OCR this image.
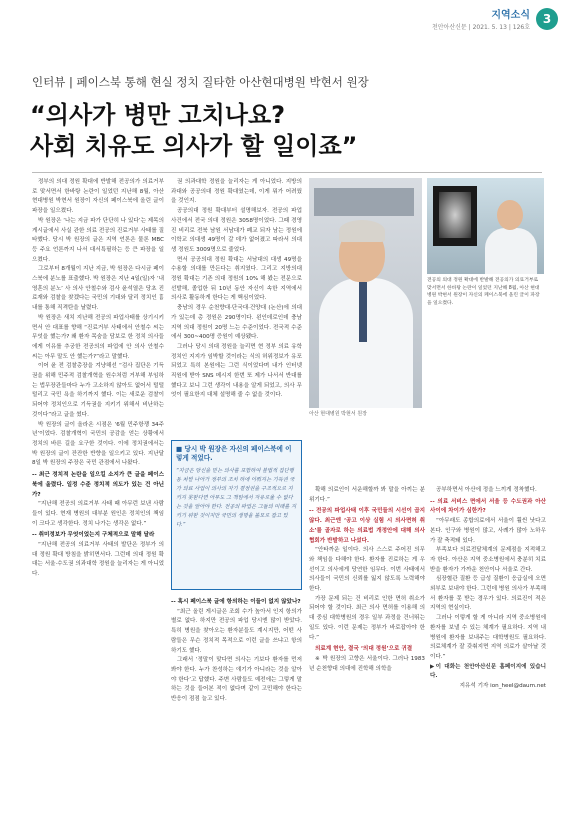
지역소식
천안아산신문 | 2021. 5. 13 | 126호
3
인터뷰 | 페이스북 통해 현실 정치 질타한 아산현대병원 박현서 원장
“의사가 병만 고치나요?
사회 치유도 의사가 할 일이죠”

정부의 의대 정원 확대에 반발해 전공의가 의료거부로 맞서면서 한바탕 논란이 일었던 지난해 8월, 아산 현대병원 박현서 원장이 자신의 페이스북에 올린 글이 파장을 일으켰다.

박 원장은 ‘나는 지금 파가 단단히 나 있다’는 제목의 게시글에서 사실 관한 의료 전공의 진료거부 사태를 질타했다. 당시 박 원장의 글은 지역 언론은 물론 MBC 등 주요 언론까지 나서 대서특필하는 등 큰 파장을 일으켰다.

그로부터 8개월이 지난 지금, 박 원장은 다시금 페이스북에 분노를 표출했다. 박 원장은 지난 4일(일)자 ‘내 영혼의 분노’ 사 의사 안철수와 검사 윤석열은 당초 진료재와 검찰을 찾겠다는 국민의 기대와 달리 정치인 흉내를 통해 직격탄을 날렸다.

박 원장은 새치 지난해 전공의 파업사태를 상기시키면서 안 대표를 향해 “진료거부 사태에서 안철수 씨는 무엇을 했는가? 왜 환자 목숨을 담보로 한 정치 의사들에게 이유를 추궁한 전공의의 파업에 안 의사 안철수 씨는 아무 말도 안 했는가?”라고 말했다.

이어 윤 전 검찰총장을 겨냥해선 “검사 집단은 기득권을 위해 민주적 검찰개혁을 원수처럼 거부해 부임하는 법무장관들마다 누가 고소하지 않아도 없어서 털털 털리고 국민 욕을 하기까지 했다. 이는 새로운 검찰이 되어야 정치인으로 기득권을 지키기 위해서 비난하는 것이다”라고 글을 썼다.

박 원장의 글이 올라온 시점은 ‘6월 민주항쟁 34주년’이었다. 검찰개혁이 국민의 공감을 얻는 상황에서 정치의 바른 길을 요구한 것이다. 이에 정치권에서는 박 원장의 글이 잔잔한 반향을 일으키고 있다. 지난달 8일 박 원장의 주장은 국민 관점에서 나왔다.

-- 최근 정치적 논란을 일으킬 소지가 큰 글을 페이스북에 올렸다. 일정 수준 정치적 의도가 있는 건 아닌가?

“지난해 전공의 의료거부 사태 때 아무런 보낸 사람들이 있다. 현재 병원의 대부분 원인은 정치인의 책임이 크다고 생각한다. 정치 나가는 생각은 없다.”

-- 취미정보가 무엇이었는지 구체적으로 말해 달라

“지난해 전공의 의료거부 사태의 발단은 정부가 의대 정원 확대 방침을 밝히면서다. 그런데 의대 정원 확대는 서울·수도권 의과대학 정원을 늘리자는 게 아니었다.

권 의과대학 정원을 늘리자는 게 아니었다. 지방의과대와 공공의대 정원 확대였는데, 이게 뭐가 어려웠을 것인지.

공공의대 정원 확대부터 설명해보자. 전공의 파업 사건에서 전국 의대 정원은 3058명이었다. 그때 경영진 비리로 전북 남원 서남대가 폐교 되자 남는 정원에 이학교 의대생 49명이 갈 데가 없어졌고 따라서 의대생 정원도 3009명으로 줄었다.

면서 공공의대 정원 확대는 서남대의 대생 49명을 수용할 의대를 만든다는 취지였다. 그리고 지방의대 정원 확대는 기존 의대 정원의 10% 해 봤는 전문으로 선발해, 졸업한 뒤 10년 동안 자신이 속한 지역에서 의사로 활동하게 한다는 게 핵심이었다.

충남의 경우 순천향대·단국대·건양대 (논산)에 의대가 있는데 총 정원은 290명이다. 왼인데로인데 충남지역 의대 정원이 20명 느는 수준이었다. 전국적 수준에서 300~400명 증원이 예상됐다.

그러나 당시 의대 정원을 늘리면 현 정부 의료 유학 정치인 지지가 임박할 것이라는 식의 허위정보가 유포되었고 특히 본원에는 그런 식이었다며 내가 인터넷 직원에 받아 SNS 메시지 한번 또 제가 나서서 반대를 했다고 보니 그런 생각이 내용을 알게 되었고, 의사 무엇이 필요한지 대체 설명해 줄 수 없을 것이다.

■ 당시 박 원장은 자신의 페이스북에 이렇게 적었다.
“지금은 당신을 믿는 의사를 포함하여 불법적 집단행동 처벌 나아가 정부의 조치 하에 이뤄지는 기득권 국가 의료 사업이 의사의 자기 결정권을 구조적으로 지키지 못한다면 아무도 그 책임에서 자유로울 수 없다는 것을 알아야 한다. 전공의 파업은 그들의 미래를 지키기 위한 것이지만 국민의 생명을 볼모로 잡고 있다.”

-- 혹시 페이스북 글에 항의하는 이들이 없지 않았나?

“최근 올린 게시글은 조회 수가 높아서 인지 항의가 별로 없다. 하지만 전공의 파업 당시엔 많이 받았다. 특히 병원을 찾아오는 환자분들도 계시지만, 어떤 사람들은 무슨 정치적 목적으로 이런 글을 쓰냐고 항의하기도 했다.

그래서 ‘정말이 맞다면 의사는 기보다 환자를 먼저 봐야 한다. 누가 찬성하는 얘기가 아니라는 것을 알아야 한다’고 답했다. 주변 사람들도 예전에는 그렇게 말하는 것을 들어본 적이 없다며 같이 고민해야 한다는 반응이 점점 늘고 있다.

아산 현대병원 박현서 원장
전공의 의대 정원 확대에 반발해 전공의가 의료거부로 맞서면서 한바탕 논란이 일었던 지난해 8월, 아산 현대병원 박현서 원장이 자신의 페이스북에 올린 글이 파장을 일으켰다.

확해 의료인이 서운해할까 봐 말을 아끼는 분위기다.”

-- 전공의 파업사태 이후 국민들의 시선이 곱지 않다. 최근엔 ‘공고 이상 실험 시 의사면허 취소’를 골자로 하는 의료법 개정안에 대해 의사협회가 반발하고 나섰다.

“안타까운 일이다. 의사 스스로 주어진 의무와 책임을 다해야 한다. 환자를 진료하는 게 우선이고 의사에게 당연한 임무다. 이번 사태에서 의사들이 국민의 신뢰를 잃지 않도록 노력해야 한다.

가장 문제 되는 건 비리로 인한 면허 취소가 되어야 할 것이다. 최근 의사 면허를 이용해 의대 중심 대학병원의 경우 일부 과정을 건너뛰는 일도 있다. 이런 문제는 정부가 바로잡아야 한다.”

의료계 현안, 결국 ‘의대 정원’으로 귀결

※ 박 원장의 고향은 서울이다. 그러나 1983년 순천향대 의대에 진학해 의학을

공부하면서 아산에 정을 느끼게 정착했다.

-- 의료 서비스 면에서 서울 등 수도권과 아산 사이에 차이가 심한가?

“아무래도 종합의료에서 서울이 훨씬 낫다고 본다. 인구와 병원이 많고, 사례가 많아 노하우가 잘 축적돼 있다.

부족보다 의료전달체계의 문제점을 지적해고자 한다. 아산은 지역 중소병원에서 충분히 치료받을 환자가 가까운 천안이나 서울로 간다.

심장혈관 질환 등 급성 질환이 응급실에 오면 외부로 보내야 한다. 그런데 병원 의사가 부족해서 환자를 못 받는 경우가 있다. 의료진이 적은 지역의 현실이다.

그러나 이렇게 할 게 아니라 지역 중소병원에 환자를 보낼 수 있는 체계가 필요하다. 지역 내 병원에 환자를 보내주는 대학병원도 필요하다. 의료체계가 잘 갖춰지면 지역 의료가 살아날 것이다.”

▶이 대화는 천안아산신문 홈페이지에 있습니다.

지유석 기자 ion_heel@daum.net
